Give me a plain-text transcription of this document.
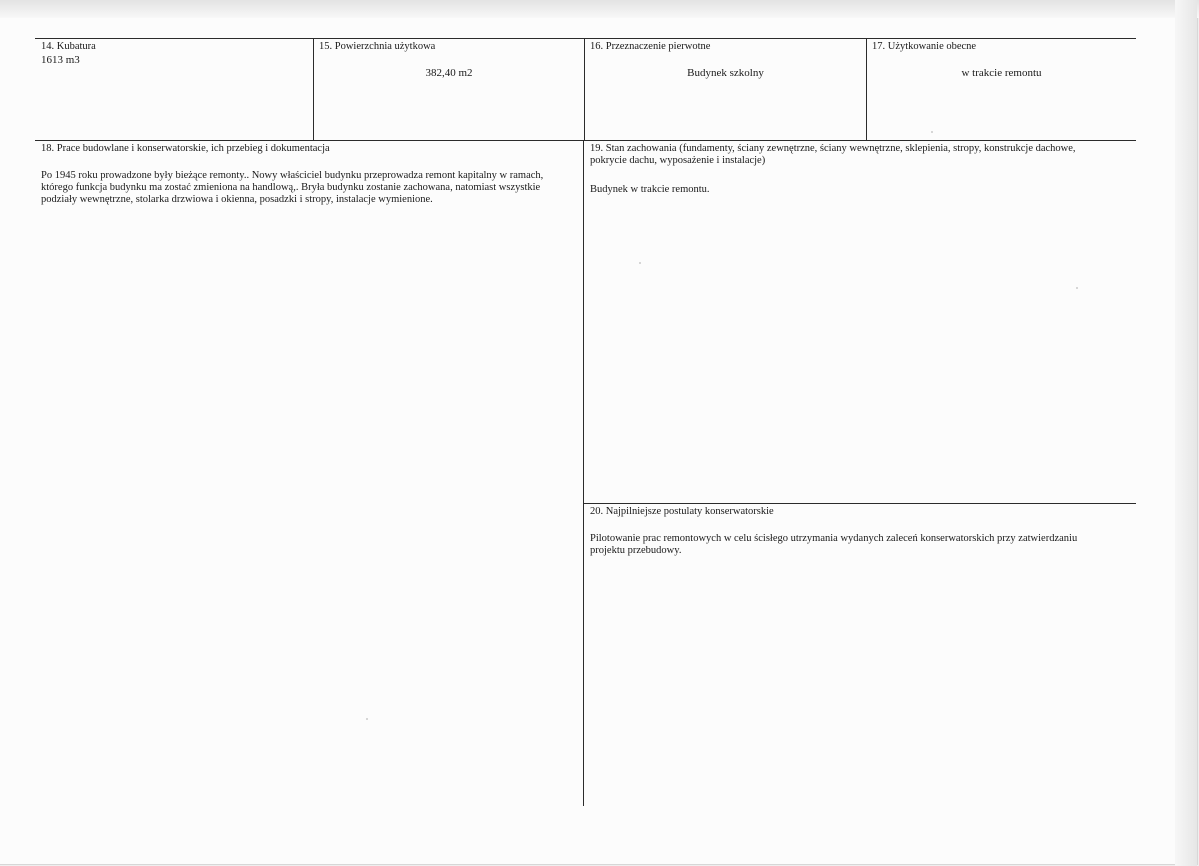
14. Kubatura
1613 m3
15. Powierzchnia użytkowa
382,40 m2
16. Przeznaczenie pierwotne
Budynek szkolny
17. Użytkowanie obecne
w trakcie remontu
18. Prace budowlane i konserwatorskie, ich przebieg i dokumentacja
Po 1945 roku prowadzone były bieżące remonty.. Nowy właściciel budynku przeprowadza remont kapitalny w ramach,
którego funkcja budynku ma zostać zmieniona na handlową,. Bryła budynku zostanie zachowana, natomiast wszystkie
podziały wewnętrzne, stolarka drzwiowa i okienna, posadzki i stropy, instalacje wymienione.
19. Stan zachowania (fundamenty, ściany zewnętrzne, ściany wewnętrzne, sklepienia, stropy, konstrukcje dachowe,
pokrycie dachu, wyposażenie i instalacje)
Budynek w trakcie remontu.
20. Najpilniejsze postulaty konserwatorskie
Pilotowanie prac remontowych w celu ścisłego utrzymania wydanych zaleceń konserwatorskich przy zatwierdzaniu
projektu przebudowy.
